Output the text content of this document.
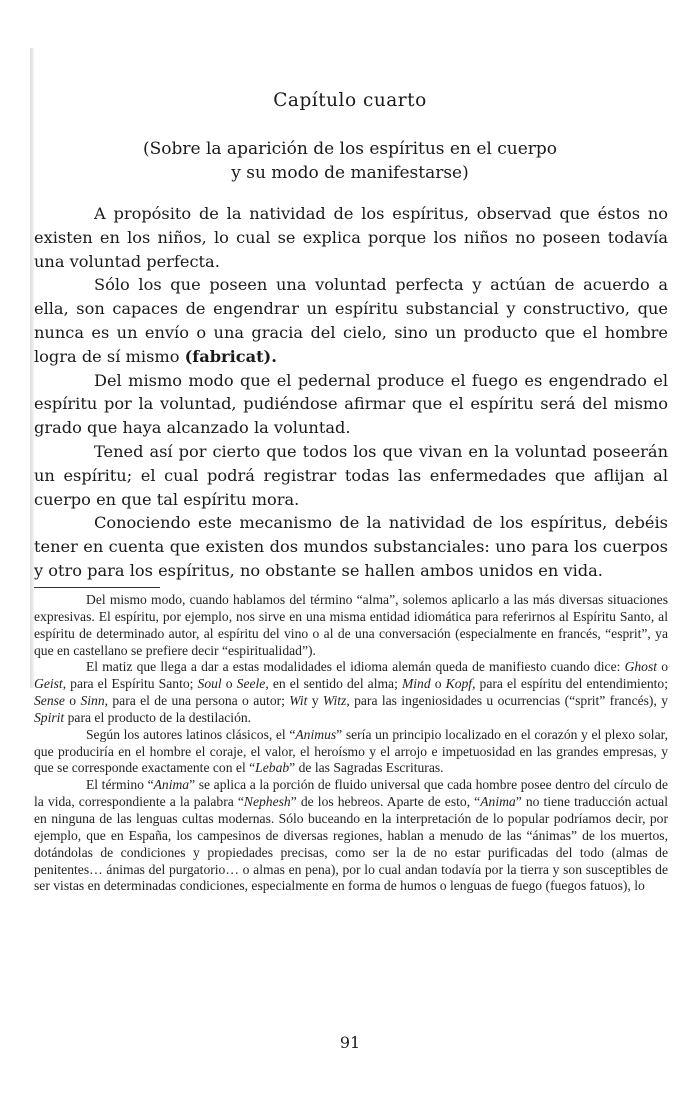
Capítulo cuarto
(Sobre la aparición de los espíritus en el cuerpo
y su modo de manifestarse)

A propósito de la natividad de los espíritus, observad que éstos no existen en los niños, lo cual se explica porque los niños no poseen todavía una voluntad perfecta.

Sólo los que poseen una voluntad perfecta y actúan de acuerdo a ella, son capaces de engendrar un espíritu substancial y constructivo, que nunca es un envío o una gracia del cielo, sino un producto que el hombre logra de sí mismo (fabricat).

Del mismo modo que el pedernal produce el fuego es engendrado el espíritu por la voluntad, pudiéndose afirmar que el espíritu será del mismo grado que haya alcanzado la voluntad.

Tened así por cierto que todos los que vivan en la voluntad poseerán un espíritu; el cual podrá registrar todas las enfermedades que aflijan al cuerpo en que tal espíritu mora.

Conociendo este mecanismo de la natividad de los espíritus, debéis tener en cuenta que existen dos mundos substanciales: uno para los cuerpos y otro para los espíritus, no obstante se hallen ambos unidos en vida.

Del mismo modo, cuando hablamos del término “alma”, solemos aplicarlo a las más diversas situaciones expresivas. El espíritu, por ejemplo, nos sirve en una misma entidad idiomática para referirnos al Espíritu Santo, al espíritu de determinado autor, al espíritu del vino o al de una conversación (especialmente en francés, “esprit”, ya que en castellano se prefiere decir “espiritualidad”).

El matiz que llega a dar a estas modalidades el idioma alemán queda de manifiesto cuando dice: Ghost o Geist, para el Espíritu Santo; Soul o Seele, en el sentido del alma; Mind o Kopf, para el espíritu del entendimiento; Sense o Sinn, para el de una persona o autor; Wit y Witz, para las ingeniosidades u ocurrencias (“sprit” francés), y Spirit para el producto de la destilación.

Según los autores latinos clásicos, el “Animus” sería un principio localizado en el corazón y el plexo solar, que produciría en el hombre el coraje, el valor, el heroísmo y el arrojo e impetuosidad en las grandes empresas, y que se corresponde exactamente con el “Lebab” de las Sagradas Escrituras.

El término “Anima” se aplica a la porción de fluido universal que cada hombre posee dentro del círculo de la vida, correspondiente a la palabra “Nephesh” de los hebreos. Aparte de esto, “Anima” no tiene traducción actual en ninguna de las lenguas cultas modernas. Sólo buceando en la interpretación de lo popular podríamos decir, por ejemplo, que en España, los campesinos de diversas regiones, hablan a menudo de las “ánimas” de los muertos, dotándolas de condiciones y propiedades precisas, como ser la de no estar purificadas del todo (almas de penitentes… ánimas del purgatorio… o almas en pena), por lo cual andan todavía por la tierra y son susceptibles de ser vistas en determinadas condiciones, especialmente en forma de humos o lenguas de fuego (fuegos fatuos), lo

91
